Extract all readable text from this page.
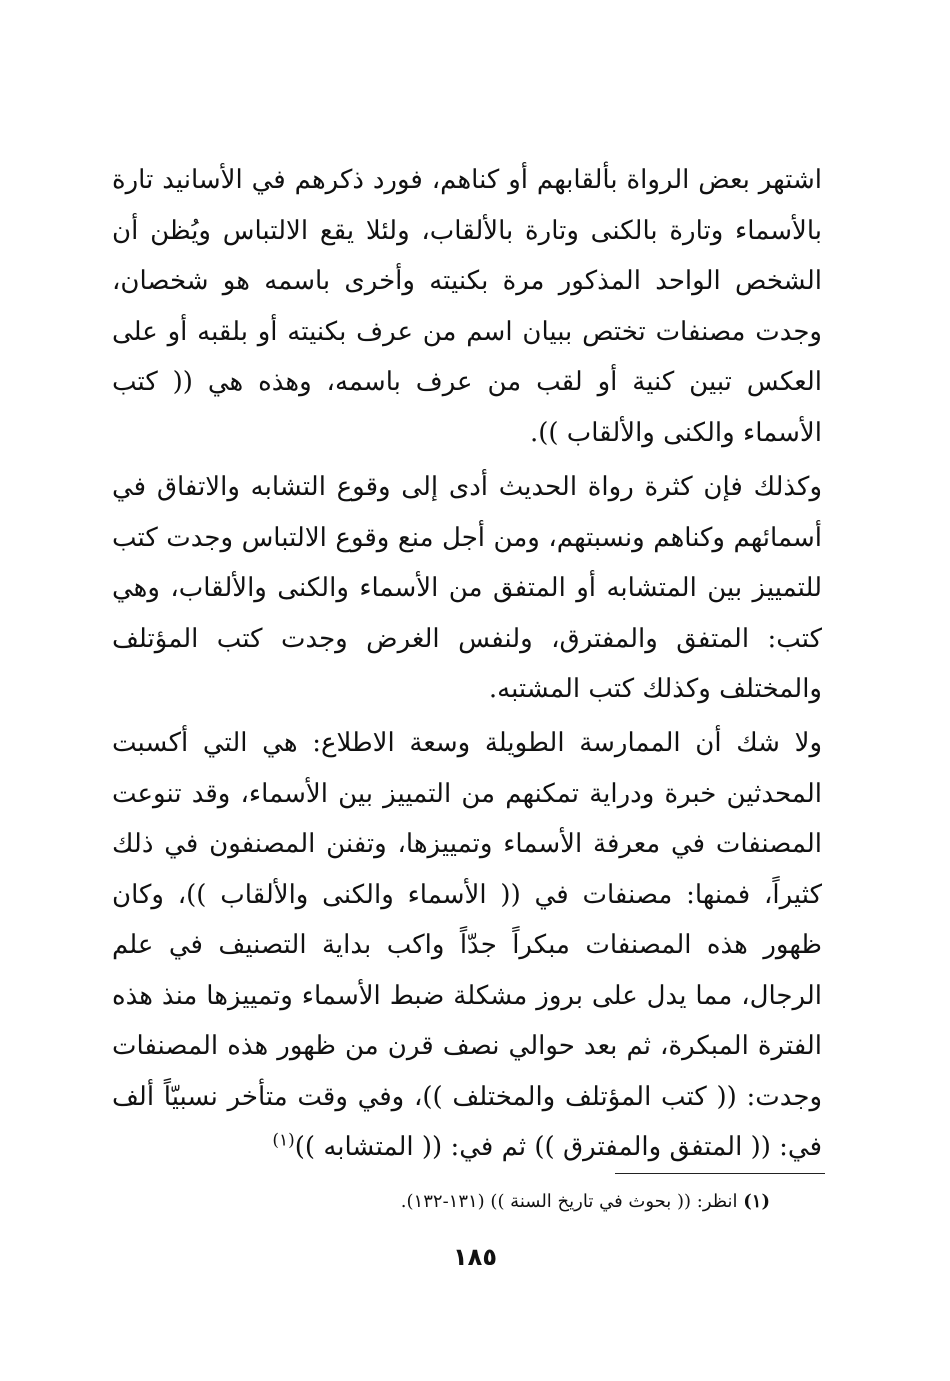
اشتهر بعض الرواة بألقابهم أو كناهم، فورد ذكرهم في الأسانيد تارة بالأسماء وتارة بالكنى وتارة بالألقاب، ولئلا يقع الالتباس ويُظن أن الشخص الواحد المذكور مرة بكنيته وأخرى باسمه هو شخصان، وجدت مصنفات تختص ببيان اسم من عرف بكنيته أو بلقبه أو على العكس تبين كنية أو لقب من عرف باسمه، وهذه هي (( كتب الأسماء والكنى والألقاب )).

وكذلك فإن كثرة رواة الحديث أدى إلى وقوع التشابه والاتفاق في أسمائهم وكناهم ونسبتهم، ومن أجل منع وقوع الالتباس وجدت كتب للتمييز بين المتشابه أو المتفق من الأسماء والكنى والألقاب، وهي كتب: المتفق والمفترق، ولنفس الغرض وجدت كتب المؤتلف والمختلف وكذلك كتب المشتبه.

ولا شك أن الممارسة الطويلة وسعة الاطلاع: هي التي أكسبت المحدثين خبرة ودراية تمكنهم من التمييز بين الأسماء، وقد تنوعت المصنفات في معرفة الأسماء وتمييزها، وتفنن المصنفون في ذلك كثيراً، فمنها: مصنفات في (( الأسماء والكنى والألقاب ))، وكان ظهور هذه المصنفات مبكراً جدّاً واكب بداية التصنيف في علم الرجال، مما يدل على بروز مشكلة ضبط الأسماء وتمييزها منذ هذه الفترة المبكرة، ثم بعد حوالي نصف قرن من ظهور هذه المصنفات وجدت: (( كتب المؤتلف والمختلف ))، وفي وقت متأخر نسبيّاً ألف في: (( المتفق والمفترق )) ثم في: (( المتشابه ))$^{(١)}$

(١) انظر: (( بحوث في تاريخ السنة )) (١٣١-١٣٢).

١٨٥
